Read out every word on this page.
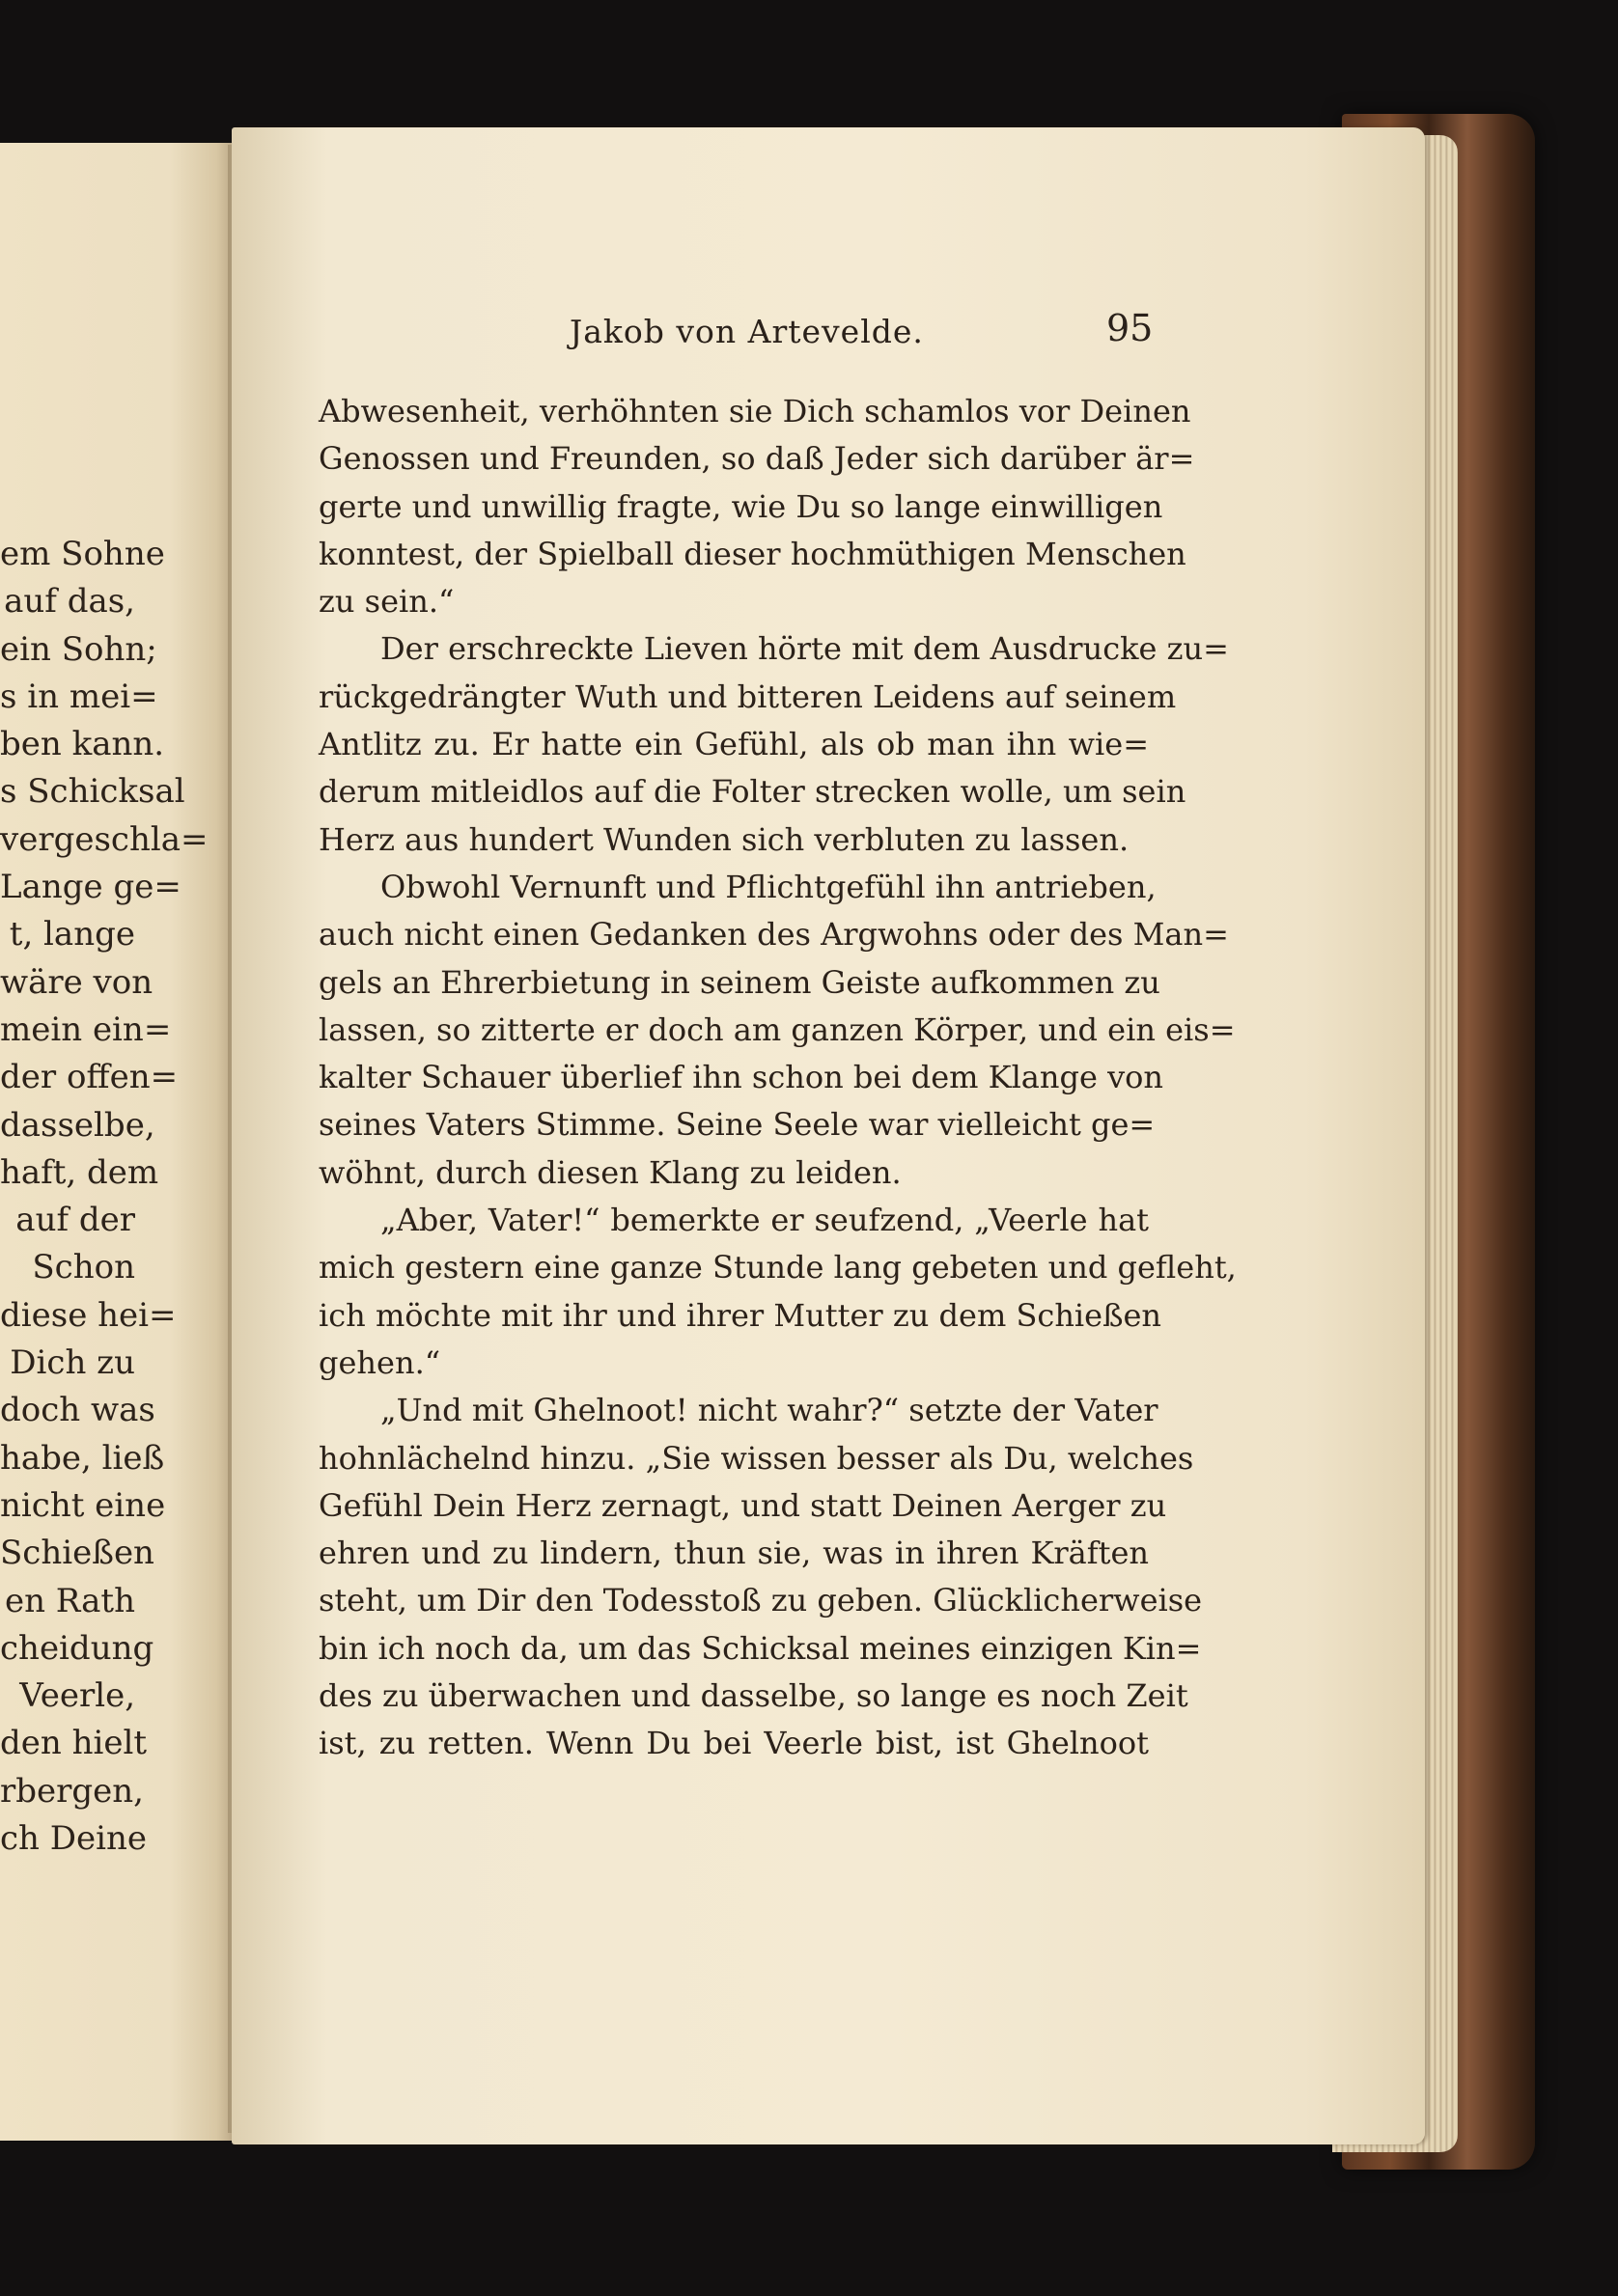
em Sohne
auf das,
ein Sohn;
s in mei=
ben kann.
s Schicksal
vergeschla=
Lange ge=
t, lange
wäre von
mein ein=
der offen=
dasselbe,
haft, dem
auf der
Schon
diese hei=
Dich zu
doch was
habe, ließ
nicht eine
Schießen
en Rath
cheidung
Veerle,
den hielt
rbergen,
ch Deine
Jakob von Artevelde.	95
Abwesenheit, verhöhnten sie Dich schamlos vor Deinen
Genossen und Freunden, so daß Jeder sich darüber är=
gerte und unwillig fragte, wie Du so lange einwilligen
konntest, der Spielball dieser hochmüthigen Menschen
zu sein.“
Der erschreckte Lieven hörte mit dem Ausdrucke zu=
rückgedrängter Wuth und bitteren Leidens auf seinem
Antlitz zu. Er hatte ein Gefühl, als ob man ihn wie=
derum mitleidlos auf die Folter strecken wolle, um sein
Herz aus hundert Wunden sich verbluten zu lassen.
Obwohl Vernunft und Pflichtgefühl ihn antrieben,
auch nicht einen Gedanken des Argwohns oder des Man=
gels an Ehrerbietung in seinem Geiste aufkommen zu
lassen, so zitterte er doch am ganzen Körper, und ein eis=
kalter Schauer überlief ihn schon bei dem Klange von
seines Vaters Stimme. Seine Seele war vielleicht ge=
wöhnt, durch diesen Klang zu leiden.
„Aber, Vater!“ bemerkte er seufzend, „Veerle hat
mich gestern eine ganze Stunde lang gebeten und gefleht,
ich möchte mit ihr und ihrer Mutter zu dem Schießen
gehen.“
„Und mit Ghelnoot! nicht wahr?“ setzte der Vater
hohnlächelnd hinzu. „Sie wissen besser als Du, welches
Gefühl Dein Herz zernagt, und statt Deinen Aerger zu
ehren und zu lindern, thun sie, was in ihren Kräften
steht, um Dir den Todesstoß zu geben. Glücklicherweise
bin ich noch da, um das Schicksal meines einzigen Kin=
des zu überwachen und dasselbe, so lange es noch Zeit
ist, zu retten. Wenn Du bei Veerle bist, ist Ghelnoot
